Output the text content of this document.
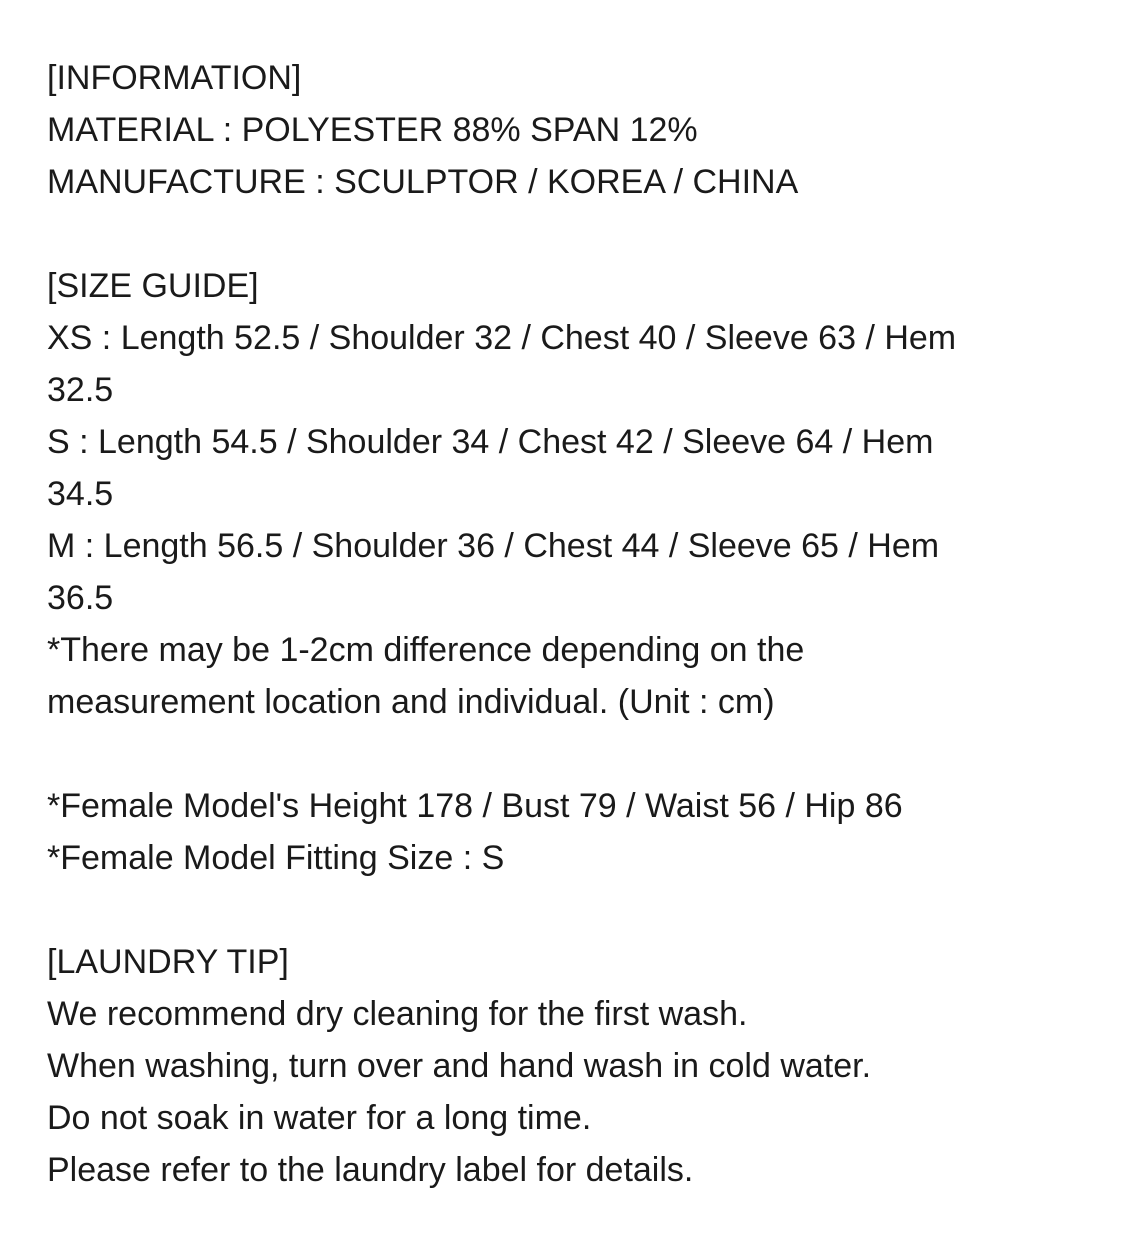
[INFORMATION]
MATERIAL : POLYESTER 88% SPAN 12%
MANUFACTURE : SCULPTOR / KOREA / CHINA
[SIZE GUIDE]
XS : Length 52.5 / Shoulder 32 / Chest 40 / Sleeve 63 / Hem
32.5
S : Length 54.5 / Shoulder 34 / Chest 42 / Sleeve 64 / Hem
34.5
M : Length 56.5 / Shoulder 36 / Chest 44 / Sleeve 65 / Hem
36.5
*There may be 1-2cm difference depending on the
measurement location and individual. (Unit : cm)
*Female Model's Height 178 / Bust 79 / Waist 56 / Hip 86
*Female Model Fitting Size : S
[LAUNDRY TIP]
We recommend dry cleaning for the first wash.
When washing, turn over and hand wash in cold water.
Do not soak in water for a long time.
Please refer to the laundry label for details.
